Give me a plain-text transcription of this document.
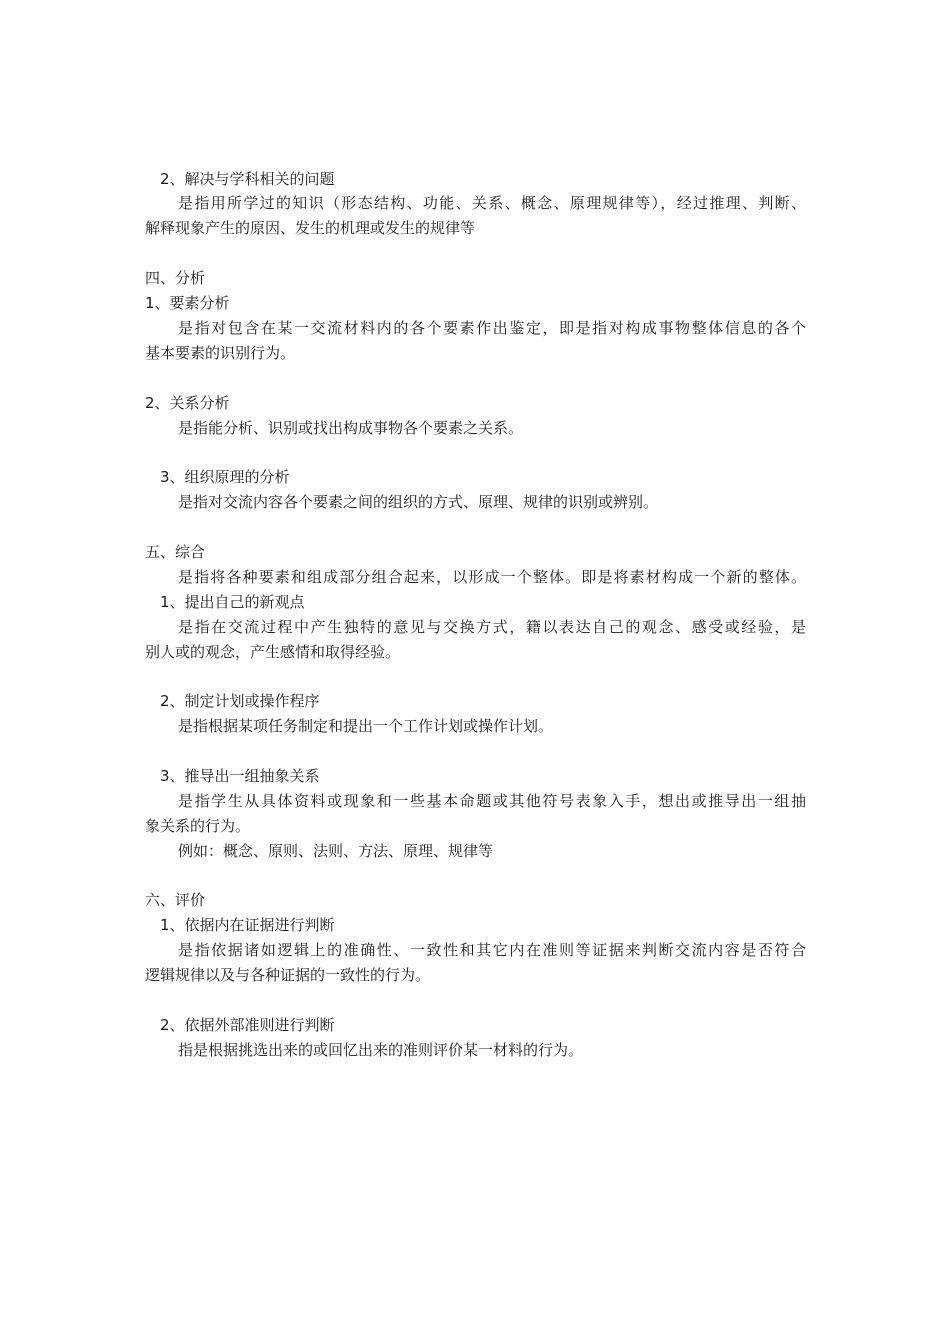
2、解决与学科相关的问题
是指用所学过的知识（形态结构、功能、关系、概念、原理规律等），经过推理、判断、
解释现象产生的原因、发生的机理或发生的规律等
四、分析
1、要素分析
是指对包含在某一交流材料内的各个要素作出鉴定，即是指对构成事物整体信息的各个
基本要素的识别行为。
2、关系分析
是指能分析、识别或找出构成事物各个要素之关系。
3、组织原理的分析
是指对交流内容各个要素之间的组织的方式、原理、规律的识别或辨别。
五、综合
是指将各种要素和组成部分组合起来，以形成一个整体。即是将素材构成一个新的整体。
1、提出自己的新观点
是指在交流过程中产生独特的意见与交换方式，籍以表达自己的观念、感受或经验，是
别人或的观念，产生感情和取得经验。
2、制定计划或操作程序
是指根据某项任务制定和提出一个工作计划或操作计划。
3、推导出一组抽象关系
是指学生从具体资料或现象和一些基本命题或其他符号表象入手，想出或推导出一组抽
象关系的行为。
例如：概念、原则、法则、方法、原理、规律等
六、评价
1、依据内在证据进行判断
是指依据诸如逻辑上的准确性、一致性和其它内在准则等证据来判断交流内容是否符合
逻辑规律以及与各种证据的一致性的行为。
2、依据外部准则进行判断
指是根据挑选出来的或回忆出来的准则评价某一材料的行为。
